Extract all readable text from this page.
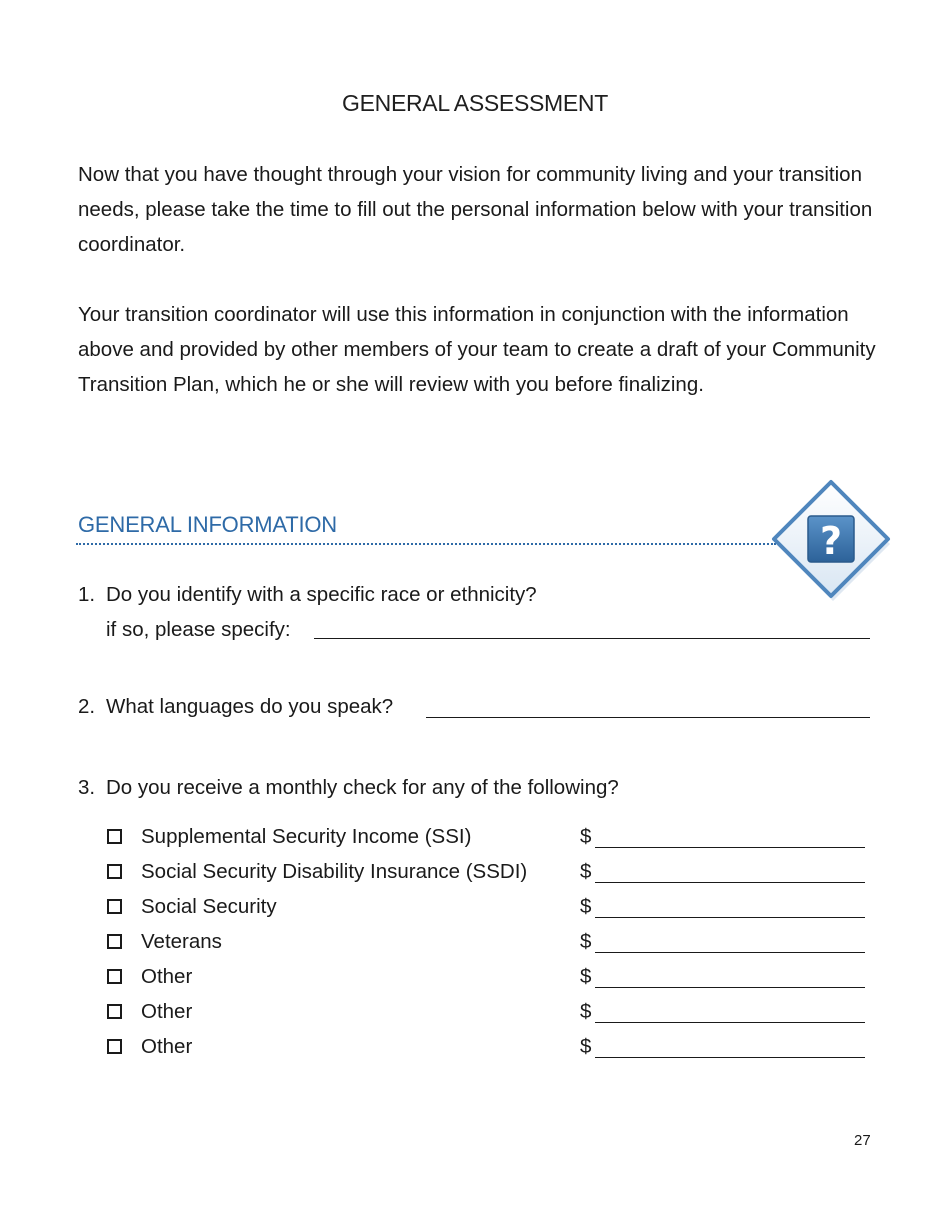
GENERAL ASSESSMENT

Now that you have thought through your vision for community living and your transition needs, please take the time to fill out the personal information below with your transition coordinator.

Your transition coordinator will use this information in conjunction with the information above and provided by other members of your team to create a draft of your Community Transition Plan, which he or she will review with you before finalizing.

GENERAL INFORMATION	?
1. Do you identify with a specific race or ethnicity?
if so, please specify:
2. What languages do you speak?
3. Do you receive a monthly check for any of the following?
Supplemental Security Income (SSI)	$
Social Security Disability Insurance (SSDI)	$
Social Security	$
Veterans	$
Other	$
Other	$
Other	$
27
